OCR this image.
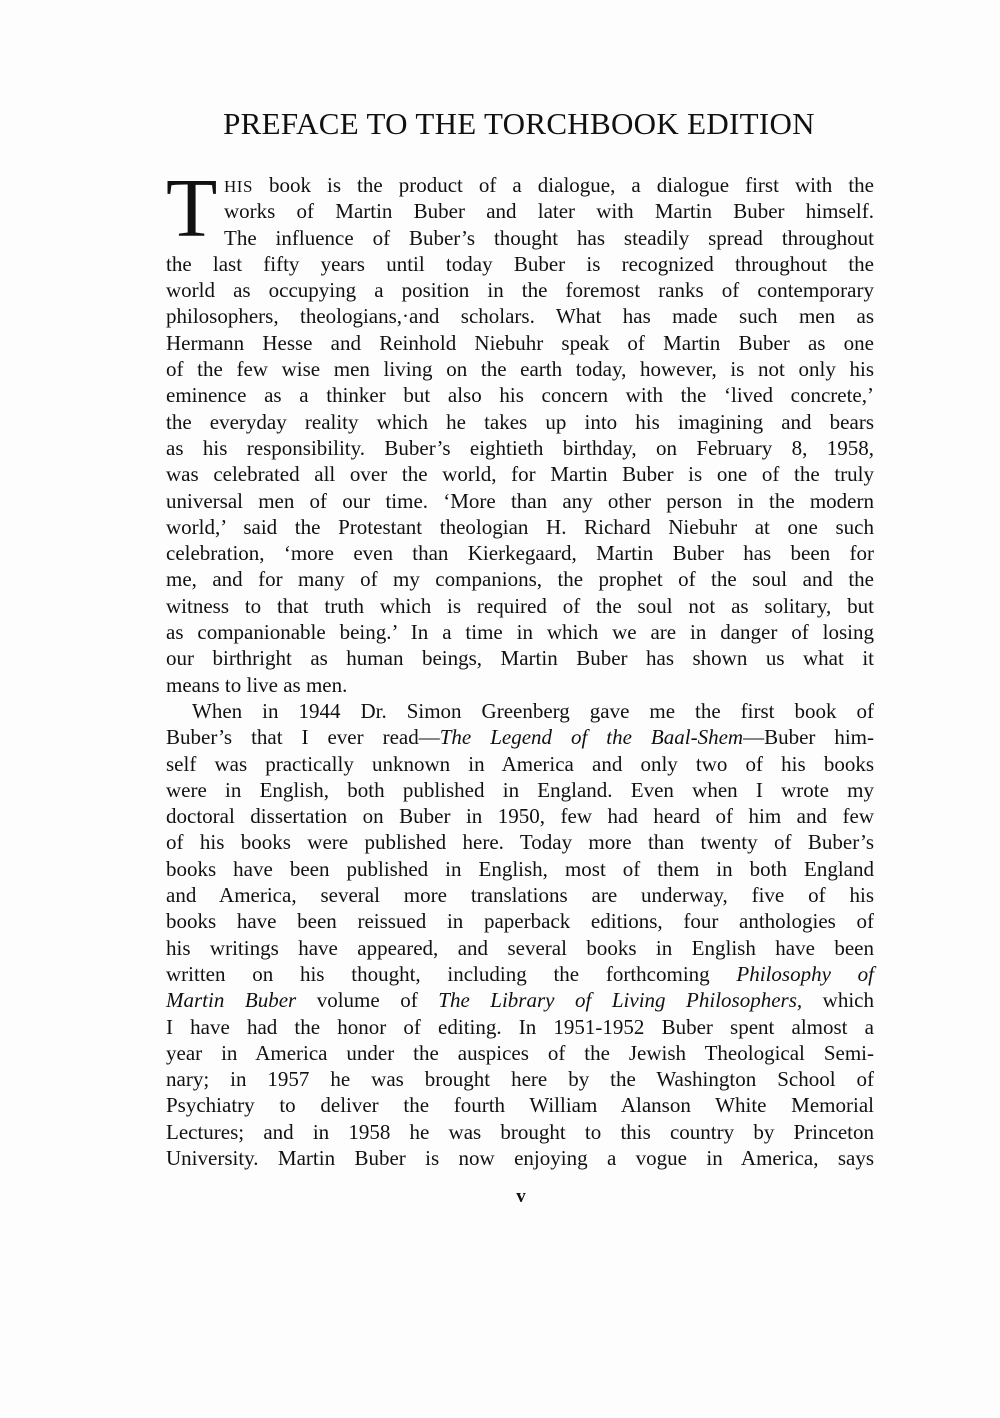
PREFACE TO THE TORCHBOOK EDITION
T HIS book is the product of a dialogue, a dialogue first with the
works of Martin Buber and later with Martin Buber himself.
The influence of Buber’s thought has steadily spread throughout
the last fifty years until today Buber is recognized throughout the
world as occupying a position in the foremost ranks of contemporary
philosophers, theologians,·and scholars. What has made such men as
Hermann Hesse and Reinhold Niebuhr speak of Martin Buber as one
of the few wise men living on the earth today, however, is not only his
eminence as a thinker but also his concern with the ‘lived concrete,’
the everyday reality which he takes up into his imagining and bears
as his responsibility. Buber’s eightieth birthday, on February 8, 1958,
was celebrated all over the world, for Martin Buber is one of the truly
universal men of our time. ‘More than any other person in the modern
world,’ said the Protestant theologian H. Richard Niebuhr at one such
celebration, ‘more even than Kierkegaard, Martin Buber has been for
me, and for many of my companions, the prophet of the soul and the
witness to that truth which is required of the soul not as solitary, but
as companionable being.’ In a time in which we are in danger of losing
our birthright as human beings, Martin Buber has shown us what it
means to live as men.
When in 1944 Dr. Simon Greenberg gave me the first book of
Buber’s that I ever read—The Legend of the Baal-Shem—Buber him-
self was practically unknown in America and only two of his books
were in English, both published in England. Even when I wrote my
doctoral dissertation on Buber in 1950, few had heard of him and few
of his books were published here. Today more than twenty of Buber’s
books have been published in English, most of them in both England
and America, several more translations are underway, five of his
books have been reissued in paperback editions, four anthologies of
his writings have appeared, and several books in English have been
written on his thought, including the forthcoming Philosophy of
Martin Buber volume of The Library of Living Philosophers, which
I have had the honor of editing. In 1951-1952 Buber spent almost a
year in America under the auspices of the Jewish Theological Semi-
nary; in 1957 he was brought here by the Washington School of
Psychiatry to deliver the fourth William Alanson White Memorial
Lectures; and in 1958 he was brought to this country by Princeton
University. Martin Buber is now enjoying a vogue in America, says
v
